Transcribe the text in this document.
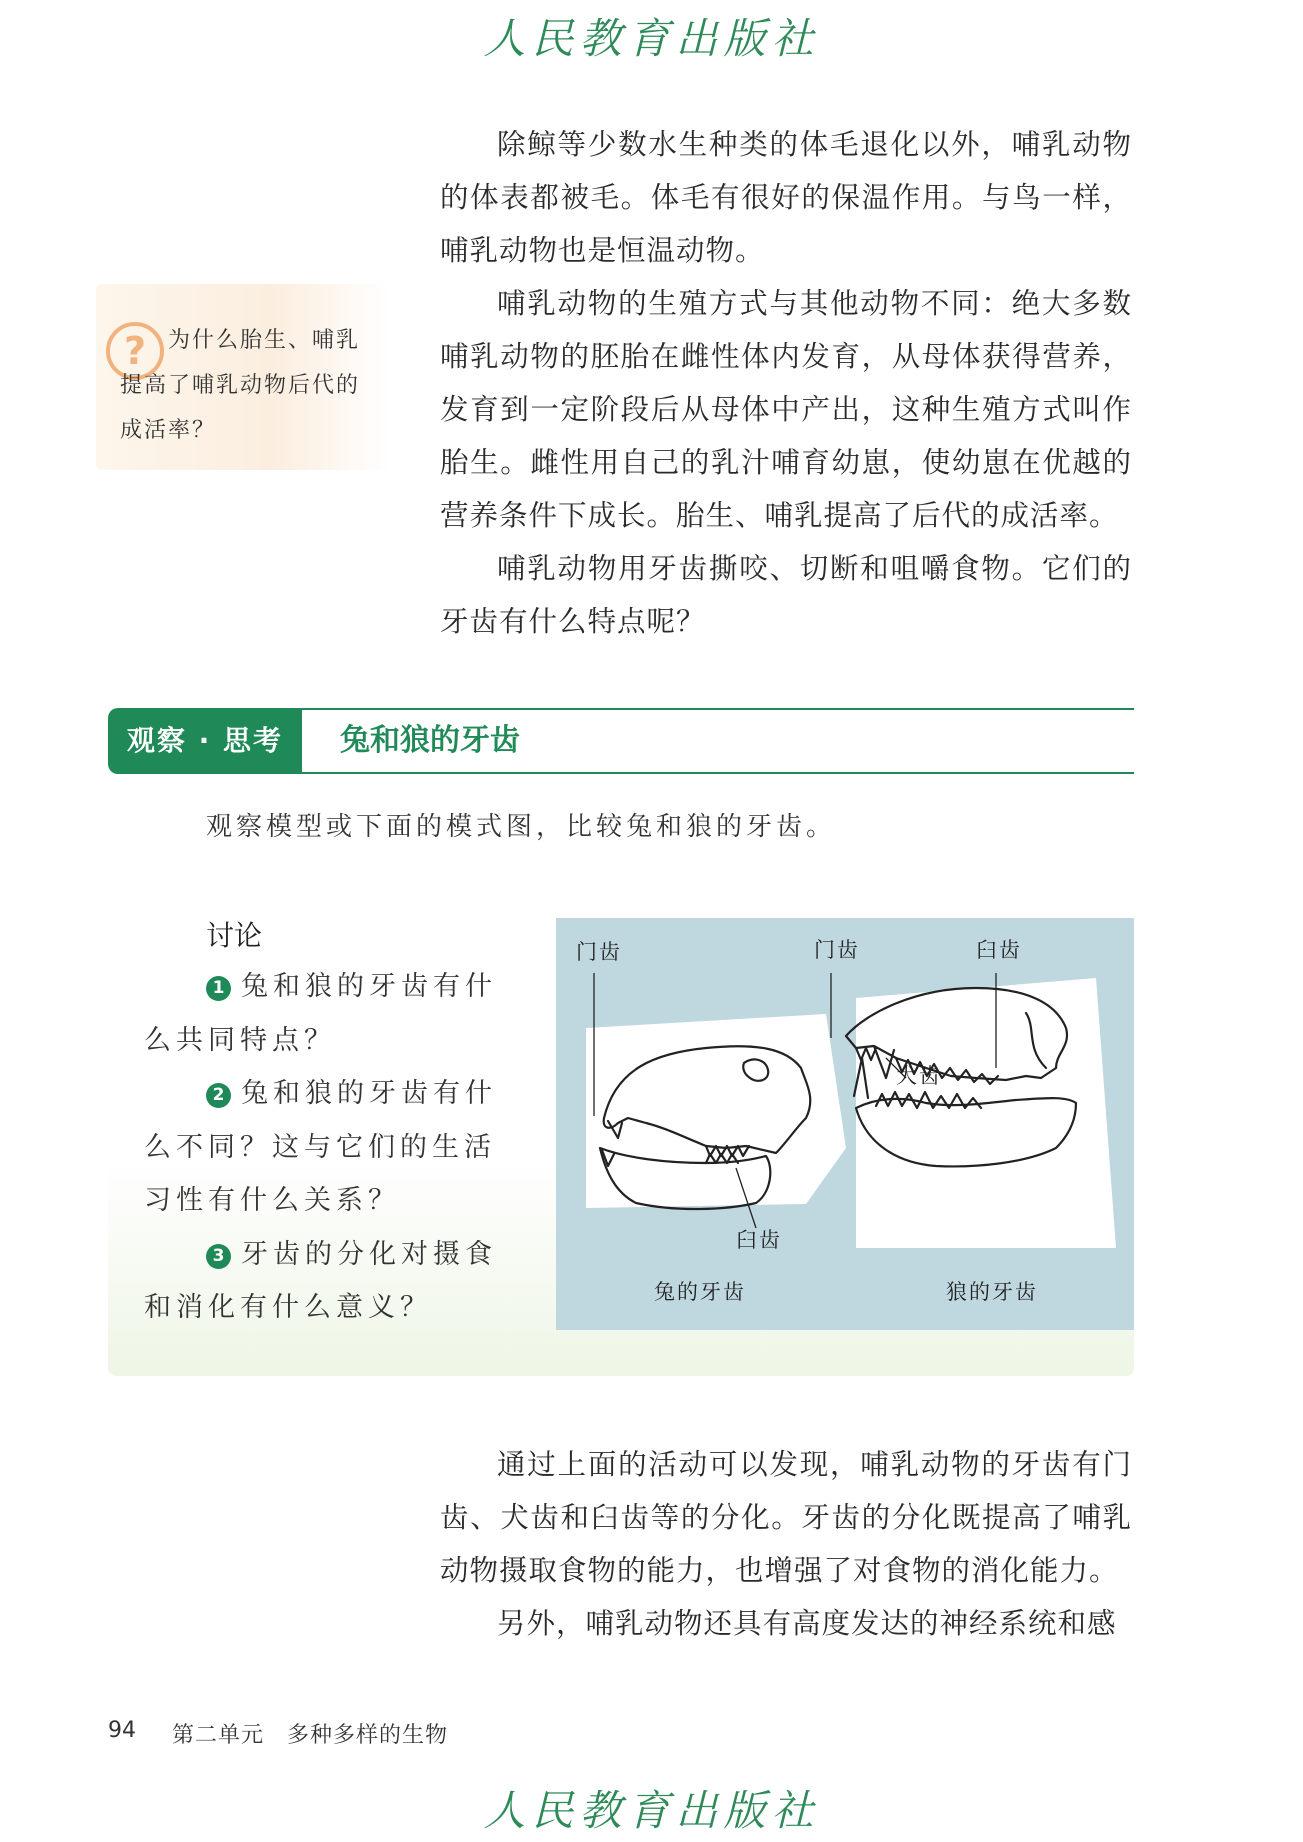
人民教育出版社

除鲸等少数水生种类的体毛退化以外，哺乳动物的体表都被毛。体毛有很好的保温作用。与鸟一样，哺乳动物也是恒温动物。

哺乳动物的生殖方式与其他动物不同：绝大多数哺乳动物的胚胎在雌性体内发育，从母体获得营养，发育到一定阶段后从母体中产出，这种生殖方式叫作胎生。雌性用自己的乳汁哺育幼崽，使幼崽在优越的营养条件下成长。胎生、哺乳提高了后代的成活率。

哺乳动物用牙齿撕咬、切断和咀嚼食物。它们的牙齿有什么特点呢？

? 为什么胎生、哺乳提高了哺乳动物后代的成活率？
观察 · 思考	兔和狼的牙齿
观察模型或下面的模式图，比较兔和狼的牙齿。
讨论
1 兔和狼的牙齿有什么共同特点？
2 兔和狼的牙齿有什么不同？这与它们的生活习性有什么关系？
3 牙齿的分化对摄食和消化有什么意义？
门齿	门齿	臼齿
犬齿
臼齿
兔的牙齿	狼的牙齿

通过上面的活动可以发现，哺乳动物的牙齿有门齿、犬齿和臼齿等的分化。牙齿的分化既提高了哺乳动物摄取食物的能力，也增强了对食物的消化能力。

另外，哺乳动物还具有高度发达的神经系统和感

94 第二单元　多种多样的生物
人民教育出版社
